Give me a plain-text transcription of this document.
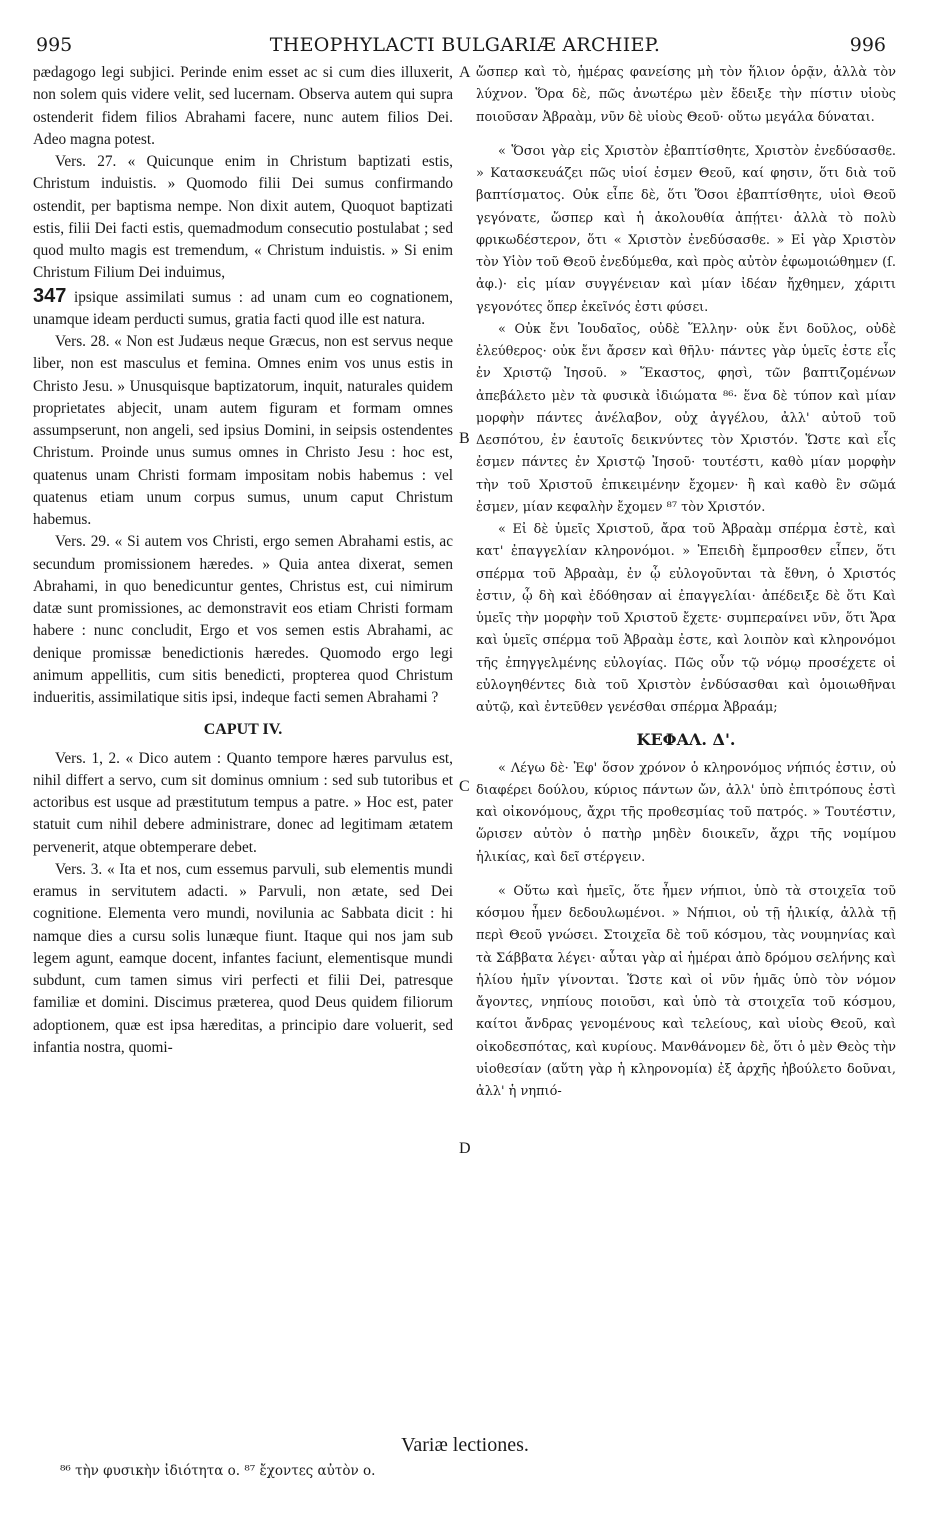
995	THEOPHYLACTI BULGARIÆ ARCHIEP.	996

pædagogo legi subjici. Perinde enim esset ac si cum dies illuxerit, non solem quis videre velit, sed lucernam. Observa autem qui supra ostenderit fidem filios Abrahami facere, nunc autem filios Dei. Adeo magna potest.

Vers. 27. « Quicunque enim in Christum baptizati estis, Christum induistis. » Quomodo filii Dei sumus confirmando ostendit, per baptisma nempe. Non dixit autem, Quoquot baptizati estis, filii Dei facti estis, quemadmodum consecutio postulabat ; sed quod multo magis est tremendum, « Christum induistis. » Si enim Christum Filium Dei induimus,

347 ipsique assimilati sumus : ad unam cum eo cognationem, unamque ideam perducti sumus, gratia facti quod ille est natura.

Vers. 28. « Non est Judæus neque Græcus, non est servus neque liber, non est masculus et femina. Omnes enim vos unus estis in Christo Jesu. » Unusquisque baptizatorum, inquit, naturales quidem proprietates abjecit, unam autem figuram et formam omnes assumpserunt, non angeli, sed ipsius Domini, in seipsis ostendentes Christum. Proinde unus sumus omnes in Christo Jesu : hoc est, quatenus unam Christi formam impositam nobis habemus : vel quatenus etiam unum corpus sumus, unum caput Christum habemus.

Vers. 29. « Si autem vos Christi, ergo semen Abrahami estis, ac secundum promissionem hæredes. » Quia antea dixerat, semen Abrahami, in quo benedicuntur gentes, Christus est, cui nimirum datæ sunt promissiones, ac demonstravit eos etiam Christi formam habere : nunc concludit, Ergo et vos semen estis Abrahami, ac denique promissæ benedictionis hæredes. Quomodo ergo legi animum appellitis, cum sitis benedicti, propterea quod Christum indueritis, assimilatique sitis ipsi, indeque facti semen Abrahami ?

CAPUT IV.

Vers. 1, 2. « Dico autem : Quanto tempore hæres parvulus est, nihil differt a servo, cum sit dominus omnium : sed sub tutoribus et actoribus est usque ad præstitutum tempus a patre. » Hoc est, pater statuit cum nihil debere administrare, donec ad legitimam ætatem pervenerit, atque obtemperare debet.

Vers. 3. « Ita et nos, cum essemus parvuli, sub elementis mundi eramus in servitutem adacti. » Parvuli, non ætate, sed Dei cognitione. Elementa vero mundi, novilunia ac Sabbata dicit : hi namque dies a cursu solis lunæque fiunt. Itaque qui nos jam sub legem agunt, eamque docent, infantes faciunt, elementisque mundi subdunt, cum tamen simus viri perfecti et filii Dei, patresque familiæ et domini. Discimus præterea, quod Deus quidem filiorum adoptionem, quæ est ipsa hæreditas, a principio dare voluerit, sed infantia nostra, quomi-

A
B
C
D

ὥσπερ καὶ τὸ, ἡμέρας φανείσης μὴ τὸν ἥλιον ὁρᾷν, ἀλλὰ τὸν λύχνον. Ὅρα δὲ, πῶς ἀνωτέρω μὲν ἔδειξε τὴν πίστιν υἱοὺς ποιοῦσαν Ἀβραὰμ, νῦν δὲ υἱοὺς Θεοῦ· οὕτω μεγάλα δύναται.

« Ὅσοι γὰρ εἰς Χριστὸν ἐβαπτίσθητε, Χριστὸν ἐνεδύσασθε. » Κατασκευάζει πῶς υἱοί ἐσμεν Θεοῦ, καί φησιν, ὅτι διὰ τοῦ βαπτίσματος. Οὐκ εἶπε δὲ, ὅτι Ὅσοι ἐβαπτίσθητε, υἱοὶ Θεοῦ γεγόνατε, ὥσπερ καὶ ἡ ἀκολουθία ἀπῄτει· ἀλλὰ τὸ πολὺ φρικωδέστερον, ὅτι « Χριστὸν ἐνεδύσασθε. » Εἰ γὰρ Χριστὸν τὸν Υἱὸν τοῦ Θεοῦ ἐνεδύμεθα, καὶ πρὸς αὐτὸν ἐφωμοιώθημεν (ſ. ἀφ.)· εἰς μίαν συγγένειαν καὶ μίαν ἰδέαν ἤχθημεν, χάριτι γεγονότες ὅπερ ἐκεῖνός ἐστι φύσει.

« Οὐκ ἔνι Ἰουδαῖος, οὐδὲ Ἕλλην· οὐκ ἔνι δοῦλος, οὐδὲ ἐλεύθερος· οὐκ ἔνι ἄρσεν καὶ θῆλυ· πάντες γὰρ ὑμεῖς ἐστε εἷς ἐν Χριστῷ Ἰησοῦ. » Ἕκαστος, φησὶ, τῶν βαπτιζομένων ἀπεβάλετο μὲν τὰ φυσικὰ ἰδιώματα ⁸⁶· ἕνα δὲ τύπον καὶ μίαν μορφὴν πάντες ἀνέλαβον, οὐχ ἀγγέλου, ἀλλ' αὐτοῦ τοῦ Δεσπότου, ἐν ἑαυτοῖς δεικνύντες τὸν Χριστόν. Ὥστε καὶ εἷς ἐσμεν πάντες ἐν Χριστῷ Ἰησοῦ· τουτέστι, καθὸ μίαν μορφὴν τὴν τοῦ Χριστοῦ ἐπικειμένην ἔχομεν· ἢ καὶ καθὸ ἓν σῶμά ἐσμεν, μίαν κεφαλὴν ἔχομεν ⁸⁷ τὸν Χριστόν.

« Εἰ δὲ ὑμεῖς Χριστοῦ, ἄρα τοῦ Ἀβραὰμ σπέρμα ἐστὲ, καὶ κατ' ἐπαγγελίαν κληρονόμοι. » Ἐπειδὴ ἔμπροσθεν εἶπεν, ὅτι σπέρμα τοῦ Ἀβραὰμ, ἐν ᾧ εὐλογοῦνται τὰ ἔθνη, ὁ Χριστός ἐστιν, ᾧ δὴ καὶ ἐδόθησαν αἱ ἐπαγγελίαι· ἀπέδειξε δὲ ὅτι Καὶ ὑμεῖς τὴν μορφὴν τοῦ Χριστοῦ ἔχετε· συμπεραίνει νῦν, ὅτι Ἄρα καὶ ὑμεῖς σπέρμα τοῦ Ἀβραὰμ ἐστε, καὶ λοιπὸν καὶ κληρονόμοι τῆς ἐπηγγελμένης εὐλογίας. Πῶς οὖν τῷ νόμῳ προσέχετε οἱ εὐλογηθέντες διὰ τοῦ Χριστὸν ἐνδύσασθαι καὶ ὁμοιωθῆναι αὐτῷ, καὶ ἐντεῦθεν γενέσθαι σπέρμα Ἀβραάμ;

ΚΕΦΑΛ. Δ'.

« Λέγω δὲ· Ἐφ' ὅσον χρόνον ὁ κληρονόμος νήπιός ἐστιν, οὐ διαφέρει δούλου, κύριος πάντων ὤν, ἀλλ' ὑπὸ ἐπιτρόπους ἐστὶ καὶ οἰκονόμους, ἄχρι τῆς προθεσμίας τοῦ πατρός. » Τουτέστιν, ὥρισεν αὐτὸν ὁ πατὴρ μηδὲν διοικεῖν, ἄχρι τῆς νομίμου ἡλικίας, καὶ δεῖ στέργειν.

« Οὕτω καὶ ἡμεῖς, ὅτε ἦμεν νήπιοι, ὑπὸ τὰ στοιχεῖα τοῦ κόσμου ἦμεν δεδουλωμένοι. » Νήπιοι, οὐ τῇ ἡλικίᾳ, ἀλλὰ τῇ περὶ Θεοῦ γνώσει. Στοιχεῖα δὲ τοῦ κόσμου, τὰς νουμηνίας καὶ τὰ Σάββατα λέγει· αὗται γὰρ αἱ ἡμέραι ἀπὸ δρόμου σελήνης καὶ ἡλίου ἡμῖν γίνονται. Ὥστε καὶ οἱ νῦν ἡμᾶς ὑπὸ τὸν νόμον ἄγοντες, νηπίους ποιοῦσι, καὶ ὑπὸ τὰ στοιχεῖα τοῦ κόσμου, καίτοι ἄνδρας γενομένους καὶ τελείους, καὶ υἱοὺς Θεοῦ, καὶ οἰκοδεσπότας, καὶ κυρίους. Μανθάνομεν δὲ, ὅτι ὁ μὲν Θεὸς τὴν υἱοθεσίαν (αὕτη γὰρ ἡ κληρονομία) ἐξ ἀρχῆς ἠβούλετο δοῦναι, ἀλλ' ἡ νηπιό-

Variæ lectiones.
⁸⁶ τὴν φυσικὴν ἰδιότητα ο. ⁸⁷ ἔχοντες αὐτὸν ο.
